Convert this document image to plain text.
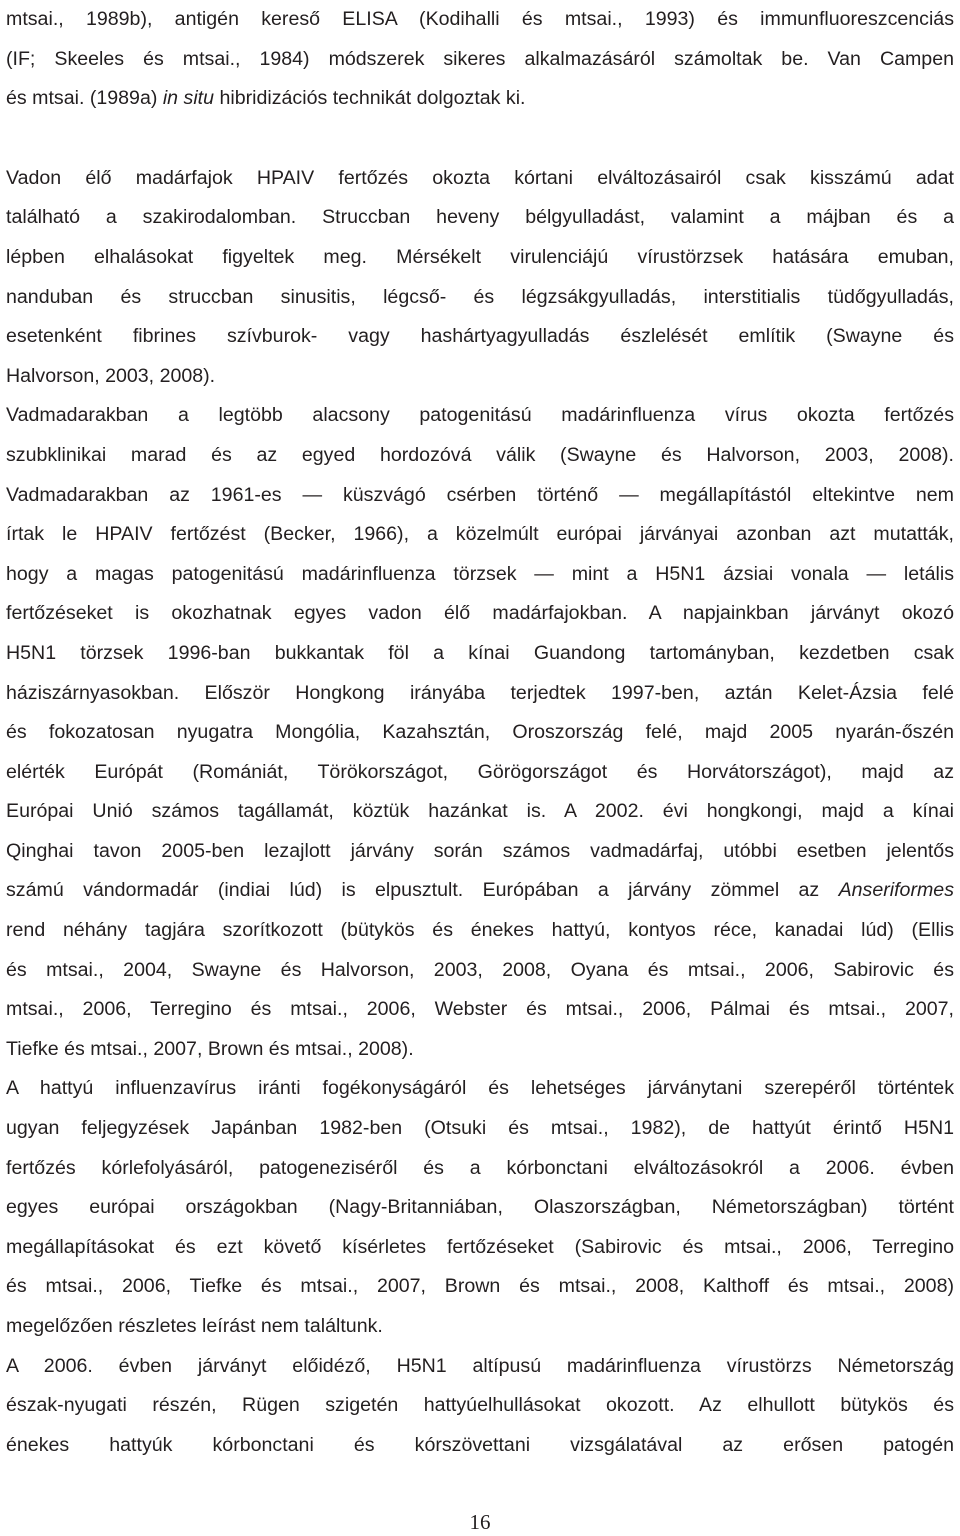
mtsai., 1989b), antigén kereső ELISA (Kodihalli és mtsai., 1993) és immunfluoreszcenciás
(IF; Skeeles és mtsai., 1984) módszerek sikeres alkalmazásáról számoltak be. Van Campen
és mtsai. (1989a) in situ hibridizációs technikát dolgoztak ki.
Vadon élő madárfajok HPAIV fertőzés okozta kórtani elváltozásairól csak kisszámú adat
található a szakirodalomban. Struccban heveny bélgyulladást, valamint a májban és a
lépben elhalásokat figyeltek meg. Mérsékelt virulenciájú vírustörzsek hatására emuban,
nanduban és struccban sinusitis, légcső- és légzsákgyulladás, interstitialis tüdőgyulladás,
esetenként fibrines szívburok- vagy hashártyagyulladás észlelését említik (Swayne és
Halvorson, 2003, 2008).
Vadmadarakban a legtöbb alacsony patogenitású madárinfluenza vírus okozta fertőzés
szubklinikai marad és az egyed hordozóvá válik (Swayne és Halvorson, 2003, 2008).
Vadmadarakban az 1961-es — küszvágó csérben történő — megállapítástól eltekintve nem
írtak le HPAIV fertőzést (Becker, 1966), a közelmúlt európai járványai azonban azt mutatták,
hogy a magas patogenitású madárinfluenza törzsek — mint a H5N1 ázsiai vonala — letális
fertőzéseket is okozhatnak egyes vadon élő madárfajokban. A napjainkban járványt okozó
H5N1 törzsek 1996-ban bukkantak föl a kínai Guandong tartományban, kezdetben csak
háziszárnyasokban. Először Hongkong irányába terjedtek 1997-ben, aztán Kelet-Ázsia felé
és fokozatosan nyugatra Mongólia, Kazahsztán, Oroszország felé, majd 2005 nyarán-őszén
elérték Európát (Romániát, Törökországot, Görögországot és Horvátországot), majd az
Európai Unió számos tagállamát, köztük hazánkat is. A 2002. évi hongkongi, majd a kínai
Qinghai tavon 2005-ben lezajlott járvány során számos vadmadárfaj, utóbbi esetben jelentős
számú vándormadár (indiai lúd) is elpusztult. Európában a járvány zömmel az Anseriformes
rend néhány tagjára szorítkozott (bütykös és énekes hattyú, kontyos réce, kanadai lúd) (Ellis
és mtsai., 2004, Swayne és Halvorson, 2003, 2008, Oyana és mtsai., 2006, Sabirovic és
mtsai., 2006, Terregino és mtsai., 2006, Webster és mtsai., 2006, Pálmai és mtsai., 2007,
Tiefke és mtsai., 2007, Brown és mtsai., 2008).
A hattyú influenzavírus iránti fogékonyságáról és lehetséges járványtani szerepéről történtek
ugyan feljegyzések Japánban 1982-ben (Otsuki és mtsai., 1982), de hattyút érintő H5N1
fertőzés kórlefolyásáról, patogeneziséről és a kórbonctani elváltozásokról a 2006. évben
egyes európai országokban (Nagy-Britanniában, Olaszországban, Németországban) történt
megállapításokat és ezt követő kísérletes fertőzéseket (Sabirovic és mtsai., 2006, Terregino
és mtsai., 2006, Tiefke és mtsai., 2007, Brown és mtsai., 2008, Kalthoff és mtsai., 2008)
megelőzően részletes leírást nem találtunk.
A 2006. évben járványt előidéző, H5N1 altípusú madárinfluenza vírustörzs Németország
észak-nyugati részén, Rügen szigetén hattyúelhullásokat okozott. Az elhullott bütykös és
énekes hattyúk kórbonctani és kórszövettani vizsgálatával az erősen patogén
16
